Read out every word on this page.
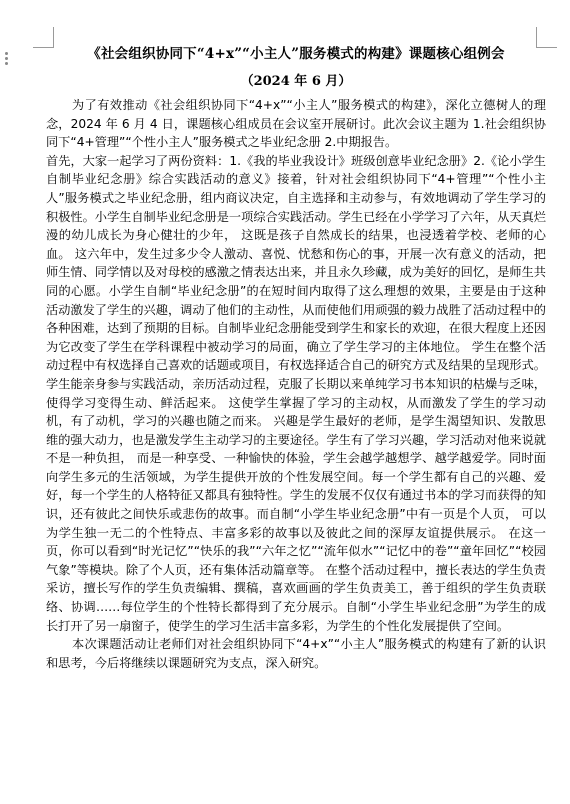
《社会组织协同下“4+x”“小主人”服务模式的构建》课题核心组例会

（2024 年 6 月）

为了有效推动《社会组织协同下“4+x”“小主人”服务模式的构建》，深化立德树人的理念，2024 年 6 月 4 日，课题核心组成员在会议室开展研讨。此次会议主题为 1.社会组织协同下“4+管理”“个性小主人”服务模式之毕业纪念册 2.中期报告。

首先，大家一起学习了两份资料：1.《我的毕业我设计》班级创意毕业纪念册》2.《论小学生自制毕业纪念册》综合实践活动的意义》接着，针对社会组织协同下“4+管理”“个性小主人”服务模式之毕业纪念册，组内商议决定，自主选择和主动参与，有效地调动了学生学习的积极性。小学生自制毕业纪念册是一项综合实践活动。学生已经在小学学习了六年，从天真烂漫的幼儿成长为身心健壮的少年， 这既是孩子自然成长的结果，也浸透着学校、老师的心血。 这六年中，发生过多少令人激动、喜悦、忧愁和伤心的事，开展一次有意义的活动，把师生情、同学情以及对母校的感激之情表达出来，并且永久珍藏，成为美好的回忆，是师生共同的心愿。小学生自制“毕业纪念册”的在短时间内取得了这么理想的效果，主要是由于这种活动激发了学生的兴趣，调动了他们的主动性，从而使他们用顽强的毅力战胜了活动过程中的各种困难，达到了预期的目标。自制毕业纪念册能受到学生和家长的欢迎，在很大程度上还因为它改变了学生在学科课程中被动学习的局面，确立了学生学习的主体地位。 学生在整个活动过程中有权选择自己喜欢的话题或项目，有权选择适合自己的研究方式及结果的呈现形式。学生能亲身参与实践活动，亲历活动过程，克服了长期以来单纯学习书本知识的枯燥与乏味，使得学习变得生动、鲜活起来。 这使学生掌握了学习的主动权，从而激发了学生的学习动机，有了动机，学习的兴趣也随之而来。 兴趣是学生最好的老师，是学生渴望知识、发散思维的强大动力，也是激发学生主动学习的主要途径。学生有了学习兴趣，学习活动对他来说就不是一种负担， 而是一种享受、一种愉快的体验，学生会越学越想学、越学越爱学。同时面向学生多元的生活领域，为学生提供开放的个性发展空间。每一个学生都有自己的兴趣、爱好，每一个学生的人格特征又都具有独特性。学生的发展不仅仅有通过书本的学习而获得的知识，还有彼此之间快乐或悲伤的故事。而自制“小学生毕业纪念册”中有一页是个人页， 可以为学生独一无二的个性特点、丰富多彩的故事以及彼此之间的深厚友谊提供展示。 在这一页，你可以看到“时光记忆”“快乐的我”“六年之忆”“流年似水”“记忆中的卷”“童年回忆”“校园气象”等模块。除了个人页，还有集体活动篇章等。 在整个活动过程中，擅长表达的学生负责采访，擅长写作的学生负责编辑、撰稿，喜欢画画的学生负责美工，善于组织的学生负责联络、协调……每位学生的个性特长都得到了充分展示。自制“小学生毕业纪念册”为学生的成长打开了另一扇窗子，使学生的学习生活丰富多彩，为学生的个性化发展提供了空间。

本次课题活动让老师们对社会组织协同下“4+x”“小主人”服务模式的构建有了新的认识和思考，今后将继续以课题研究为支点，深入研究。
